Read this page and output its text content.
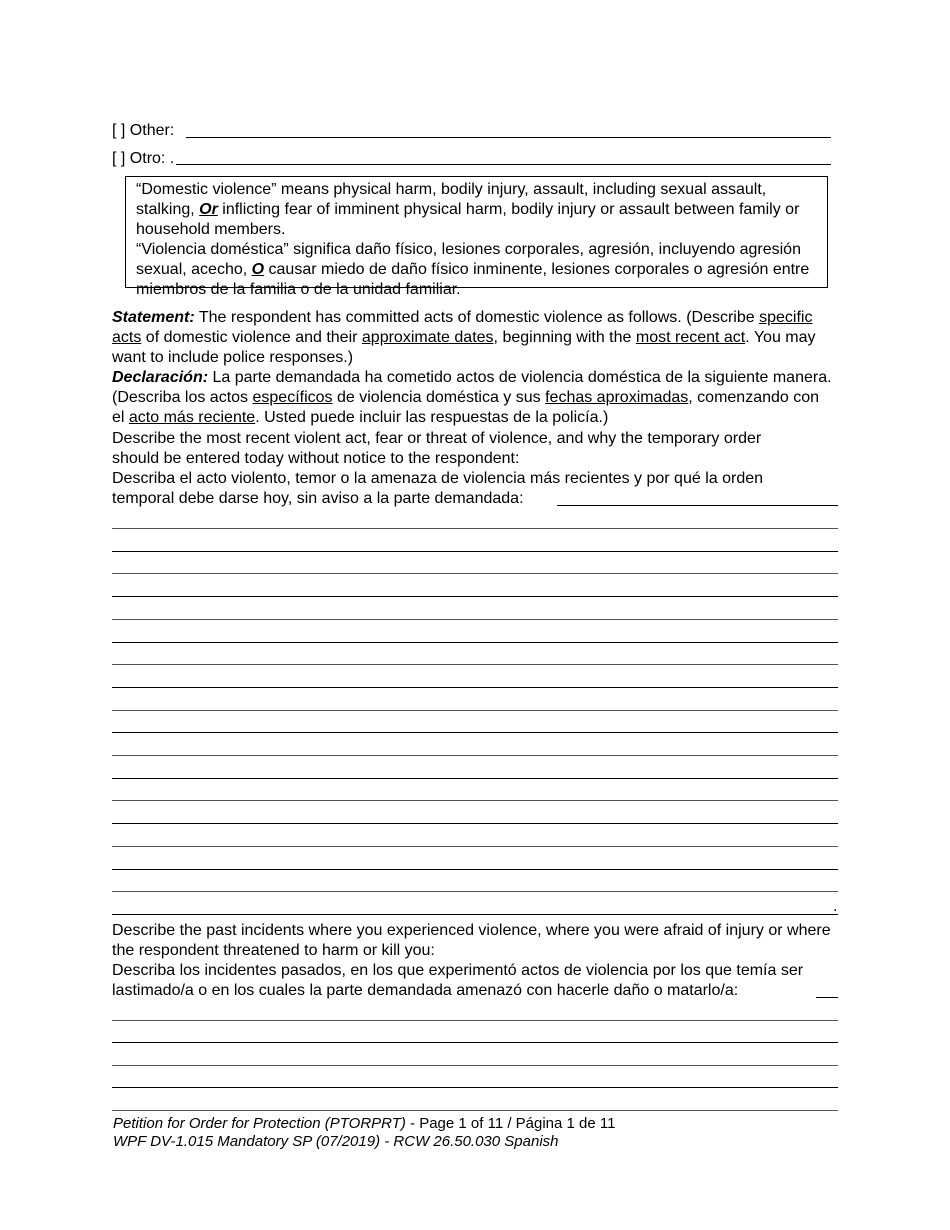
[ ] Other:
[ ] Otro: .

“Domestic violence” means physical harm, bodily injury, assault, including sexual assault, stalking, Or inflicting fear of imminent physical harm, bodily injury or assault between family or household members.

“Violencia doméstica” significa daño físico, lesiones corporales, agresión, incluyendo agresión sexual, acecho, O causar miedo de daño físico inminente, lesiones corporales o agresión entre miembros de la familia o de la unidad familiar.

Statement: The respondent has committed acts of domestic violence as follows. (Describe specific acts of domestic violence and their approximate dates, beginning with the most recent act. You may want to include police responses.)
Declaración: La parte demandada ha cometido actos de violencia doméstica de la siguiente manera. (Describa los actos específicos de violencia doméstica y sus fechas aproximadas, comenzando con el acto más reciente. Usted puede incluir las respuestas de la policía.)
Describe the most recent violent act, fear or threat of violence, and why the temporary order should be entered today without notice to the respondent:
Describa el acto violento, temor o la amenaza de violencia más recientes y por qué la orden temporal debe darse hoy, sin aviso a la parte demandada:
.
Describe the past incidents where you experienced violence, where you were afraid of injury or where the respondent threatened to harm or kill you:
Describa los incidentes pasados, en los que experimentó actos de violencia por los que temía ser lastimado/a o en los cuales la parte demandada amenazó con hacerle daño o matarlo/a:
Petition for Order for Protection (PTORPRT) - Page 1 of 11 / Página 1 de 11
WPF DV-1.015 Mandatory SP (07/2019) - RCW 26.50.030 Spanish
